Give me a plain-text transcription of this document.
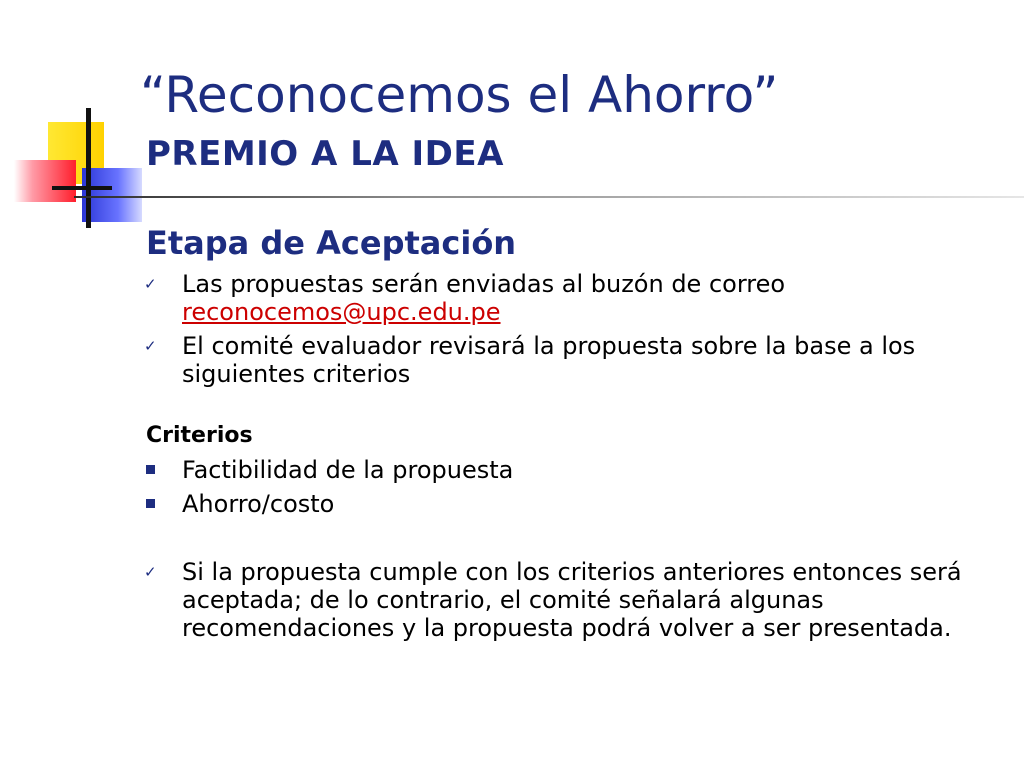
“Reconocemos el Ahorro”
PREMIO A LA IDEA
Etapa de Aceptación
✓ Las propuestas serán enviadas al buzón de correo
reconocemos@upc.edu.pe
✓ El comité evaluador revisará la propuesta sobre la base a los siguientes criterios
Criterios
Factibilidad de la propuesta
Ahorro/costo
✓ Si la propuesta cumple con los criterios anteriores entonces será aceptada; de lo contrario, el comité señalará algunas recomendaciones y la propuesta podrá volver a ser presentada.
